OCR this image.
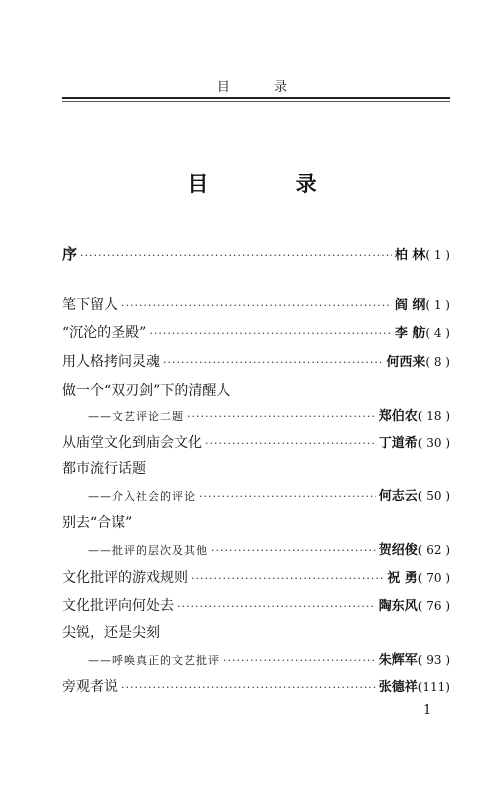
目 录
目 录
序 ·····	柏 林( 1 )
笔下留人 ·····	阎 纲( 1 )
“沉沦的圣殿” ·····	李 舫( 4 )
用人格拷问灵魂 ·····	何西来( 8 )
做一个“双刃剑”下的清醒人
——文艺评论二题 ·····	郑伯农( 18 )
从庙堂文化到庙会文化 ·····	丁道希( 30 )
都市流行话题
——介入社会的评论 ·····	何志云( 50 )
别去“合谋”
——批评的层次及其他 ·····	贺绍俊( 62 )
文化批评的游戏规则 ·····	祝 勇( 70 )
文化批评向何处去 ·····	陶东风( 76 )
尖锐，还是尖刻
——呼唤真正的文艺批评 ·····	朱辉军( 93 )
旁观者说 ·····	张德祥(111)
1
